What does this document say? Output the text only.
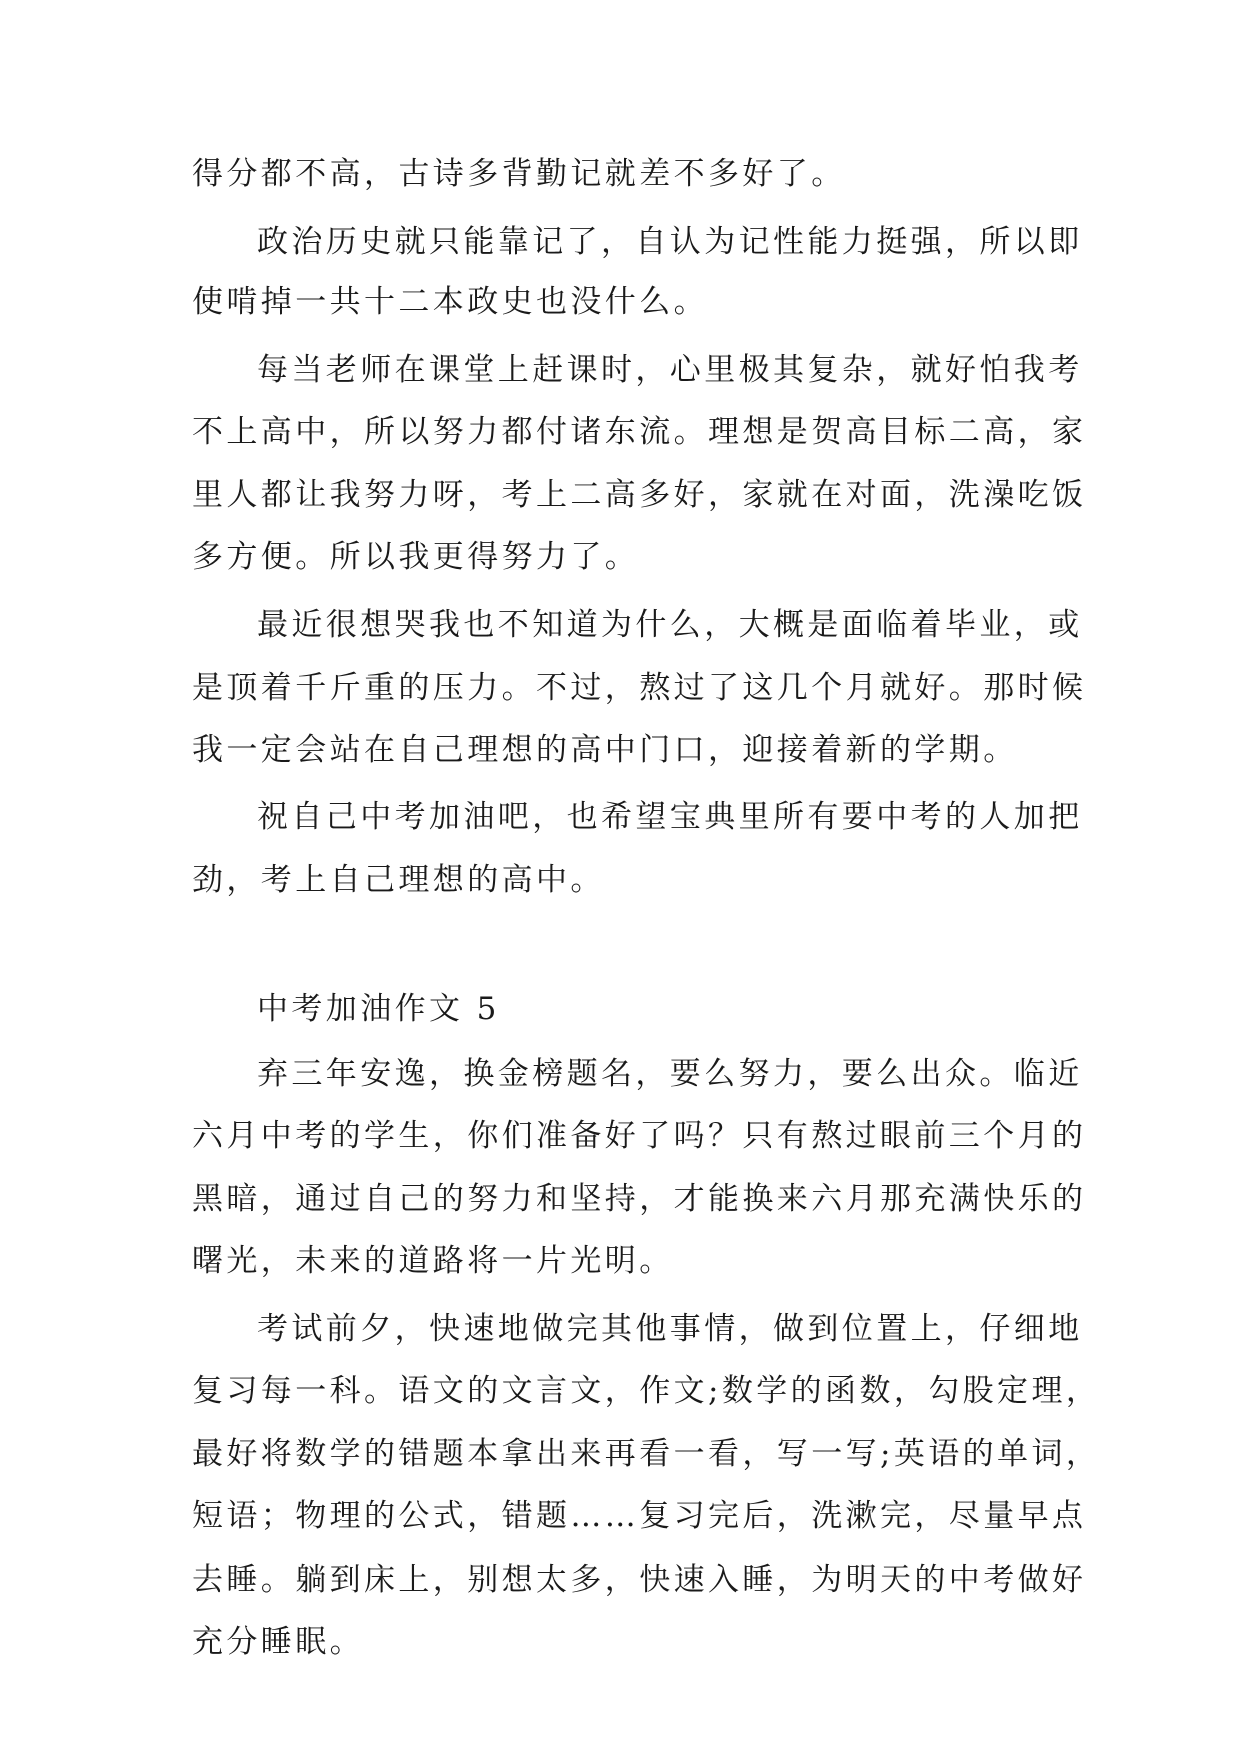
得分都不高，古诗多背勤记就差不多好了。

政治历史就只能靠记了，自认为记性能力挺强，所以即

使啃掉一共十二本政史也没什么。

每当老师在课堂上赶课时，心里极其复杂，就好怕我考

不上高中，所以努力都付诸东流。理想是贺高目标二高，家

里人都让我努力呀，考上二高多好，家就在对面，洗澡吃饭

多方便。所以我更得努力了。

最近很想哭我也不知道为什么，大概是面临着毕业，或

是顶着千斤重的压力。不过，熬过了这几个月就好。那时候

我一定会站在自己理想的高中门口，迎接着新的学期。

祝自己中考加油吧，也希望宝典里所有要中考的人加把

劲，考上自己理想的高中。

中考加油作文 5

弃三年安逸，换金榜题名，要么努力，要么出众。临近

六月中考的学生，你们准备好了吗？只有熬过眼前三个月的

黑暗，通过自己的努力和坚持，才能换来六月那充满快乐的

曙光，未来的道路将一片光明。

考试前夕，快速地做完其他事情，做到位置上，仔细地

复习每一科。语文的文言文，作文;数学的函数，勾股定理，

最好将数学的错题本拿出来再看一看，写一写;英语的单词，

短语；物理的公式，错题……复习完后，洗漱完，尽量早点

去睡。躺到床上，别想太多，快速入睡，为明天的中考做好

充分睡眠。
